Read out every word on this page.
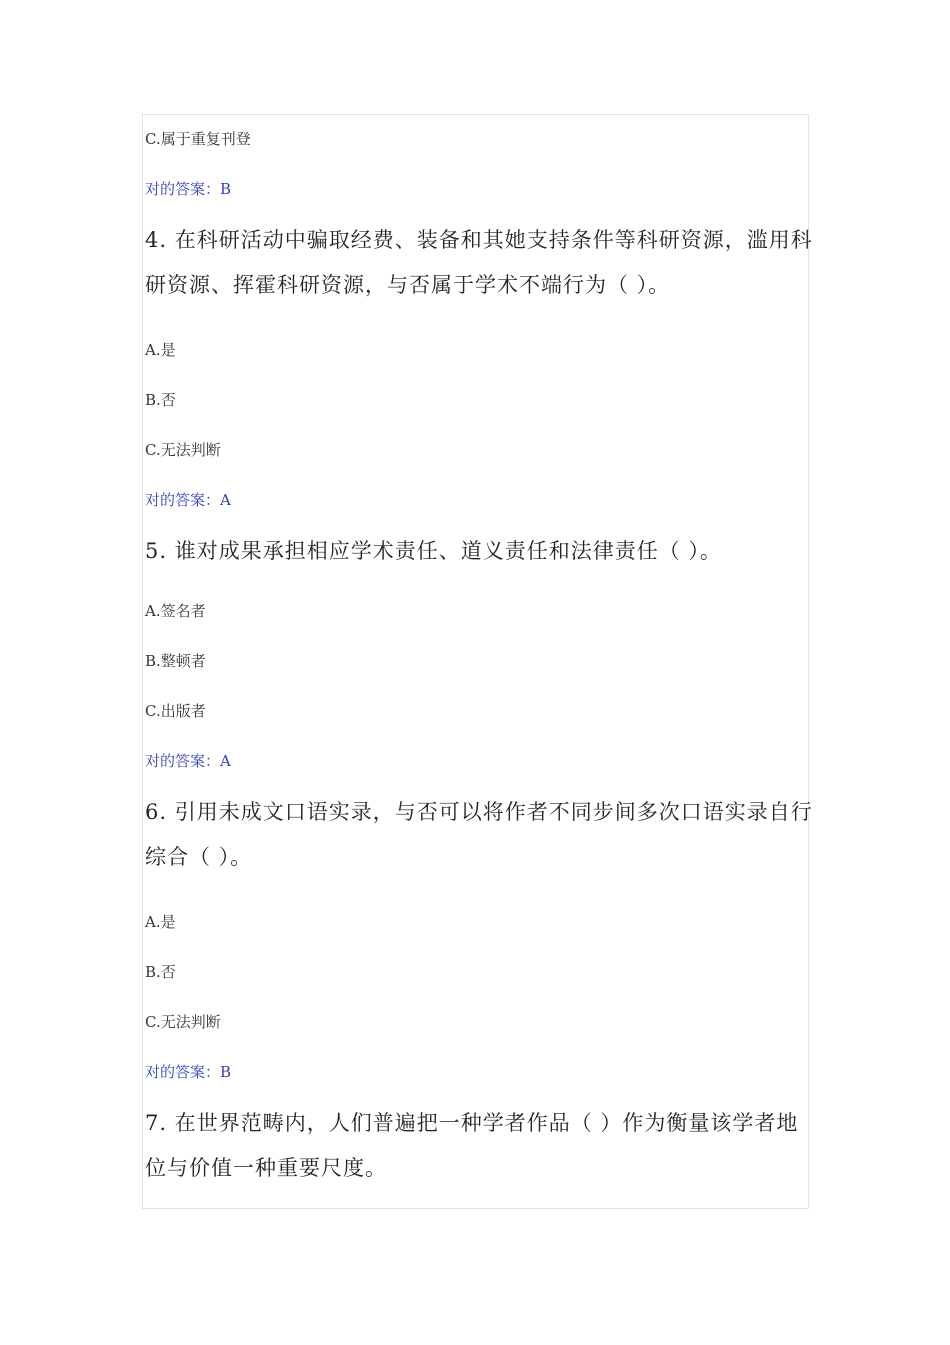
C.属于重复刊登
对的答案：B
4. 在科研活动中骗取经费、装备和其她支持条件等科研资源，滥用科
研资源、挥霍科研资源，与否属于学术不端行为（ ）。
A.是
B.否
C.无法判断
对的答案：A
5. 谁对成果承担相应学术责任、道义责任和法律责任（ ）。
A.签名者
B.整顿者
C.出版者
对的答案：A
6. 引用未成文口语实录，与否可以将作者不同步间多次口语实录自行
综合（ ）。
A.是
B.否
C.无法判断
对的答案：B
7. 在世界范畴内，人们普遍把一种学者作品（ ）作为衡量该学者地
位与价值一种重要尺度。
